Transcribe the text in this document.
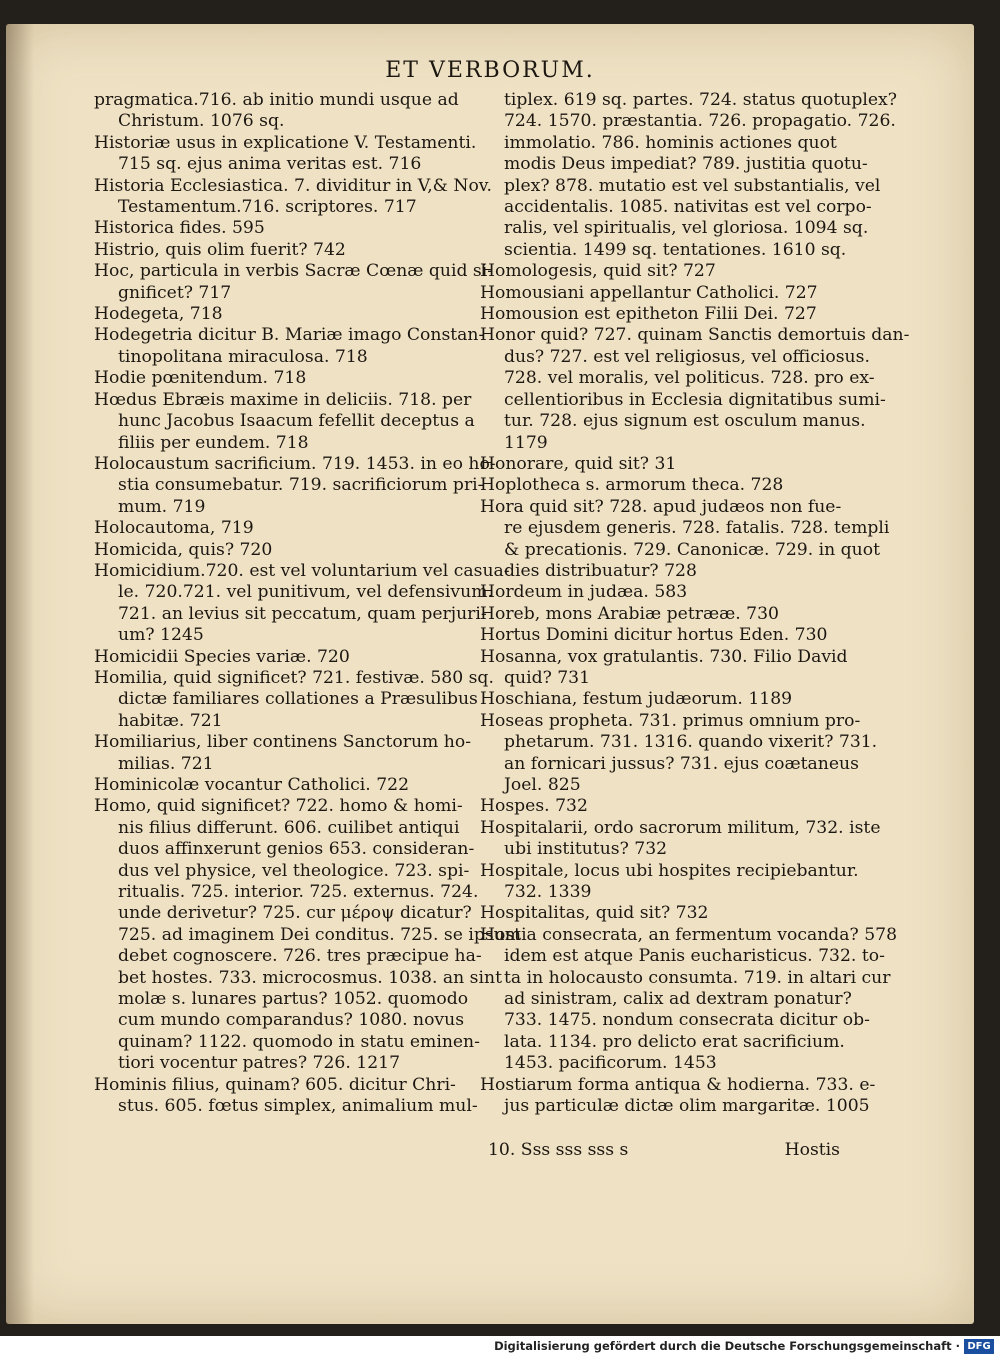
ET VERBORUM.
pragmatica.716. ab initio mundi usque ad
Christum. 1076 sq.
Historiæ usus in explicatione V. Testamenti.
715 sq. ejus anima veritas est. 716
Historia Ecclesiastica. 7. dividitur in V,& Nov.
Testamentum.716. scriptores. 717
Historica fides. 595
Histrio, quis olim fuerit? 742
Hoc, particula in verbis Sacræ Cœnæ quid si-
gnificet? 717
Hodegeta, 718
Hodegetria dicitur B. Mariæ imago Constan-
tinopolitana miraculosa. 718
Hodie pœnitendum. 718
Hœdus Ebræis maxime in deliciis. 718. per
hunc Jacobus Isaacum fefellit deceptus a
filiis per eundem. 718
Holocaustum sacrificium. 719. 1453. in eo ho-
stia consumebatur. 719. sacrificiorum pri-
mum. 719
Holocautoma, 719
Homicida, quis? 720
Homicidium.720. est vel voluntarium vel casua-
le. 720.721. vel punitivum, vel defensivum.
721. an levius sit peccatum, quam perjuri-
um? 1245
Homicidii Species variæ. 720
Homilia, quid significet? 721. festivæ. 580 sq.
dictæ familiares collationes a Præsulibus
habitæ. 721
Homiliarius, liber continens Sanctorum ho-
milias. 721
Hominicolæ vocantur Catholici. 722
Homo, quid significet? 722. homo & homi-
nis filius differunt. 606. cuilibet antiqui
duos affinxerunt genios 653. consideran-
dus vel physice, vel theologice. 723. spi-
ritualis. 725. interior. 725. externus. 724.
unde derivetur? 725. cur μέροψ dicatur?
725. ad imaginem Dei conditus. 725. se ipsum
debet cognoscere. 726. tres præcipue ha-
bet hostes. 733. microcosmus. 1038. an sint
molæ s. lunares partus? 1052. quomodo
cum mundo comparandus? 1080. novus
quinam? 1122. quomodo in statu eminen-
tiori vocentur patres? 726. 1217
Hominis filius, quinam? 605. dicitur Chri-
stus. 605. fœtus simplex, animalium mul-
tiplex. 619 sq. partes. 724. status quotuplex?
724. 1570. præstantia. 726. propagatio. 726.
immolatio. 786. hominis actiones quot
modis Deus impediat? 789. justitia quotu-
plex? 878. mutatio est vel substantialis, vel
accidentalis. 1085. nativitas est vel corpo-
ralis, vel spiritualis, vel gloriosa. 1094 sq.
scientia. 1499 sq. tentationes. 1610 sq.
Homologesis, quid sit? 727
Homousiani appellantur Catholici. 727
Homousion est epitheton Filii Dei. 727
Honor quid? 727. quinam Sanctis demortuis dan-
dus? 727. est vel religiosus, vel officiosus.
728. vel moralis, vel politicus. 728. pro ex-
cellentioribus in Ecclesia dignitatibus sumi-
tur. 728. ejus signum est osculum manus.
1179
Honorare, quid sit? 31
Hoplotheca s. armorum theca. 728
Hora quid sit? 728. apud judæos non fue-
re ejusdem generis. 728. fatalis. 728. templi
& precationis. 729. Canonicæ. 729. in quot
dies distribuatur? 728
Hordeum in judæa. 583
Horeb, mons Arabiæ petrææ. 730
Hortus Domini dicitur hortus Eden. 730
Hosanna, vox gratulantis. 730. Filio David
quid? 731
Hoschiana, festum judæorum. 1189
Hoseas propheta. 731. primus omnium pro-
phetarum. 731. 1316. quando vixerit? 731.
an fornicari jussus? 731. ejus coætaneus
Joel. 825
Hospes. 732
Hospitalarii, ordo sacrorum militum, 732. iste
ubi institutus? 732
Hospitale, locus ubi hospites recipiebantur.
732. 1339
Hospitalitas, quid sit? 732
Hostia consecrata, an fermentum vocanda? 578
idem est atque Panis eucharisticus. 732. to-
ta in holocausto consumta. 719. in altari cur
ad sinistram, calix ad dextram ponatur?
733. 1475. nondum consecrata dicitur ob-
lata. 1134. pro delicto erat sacrificium.
1453. pacificorum. 1453
Hostiarum forma antiqua & hodierna. 733. e-
jus particulæ dictæ olim margaritæ. 1005
10. Sss sss sss s	Hostis
Digitalisierung gefördert durch die Deutsche Forschungsgemeinschaft · DFG
